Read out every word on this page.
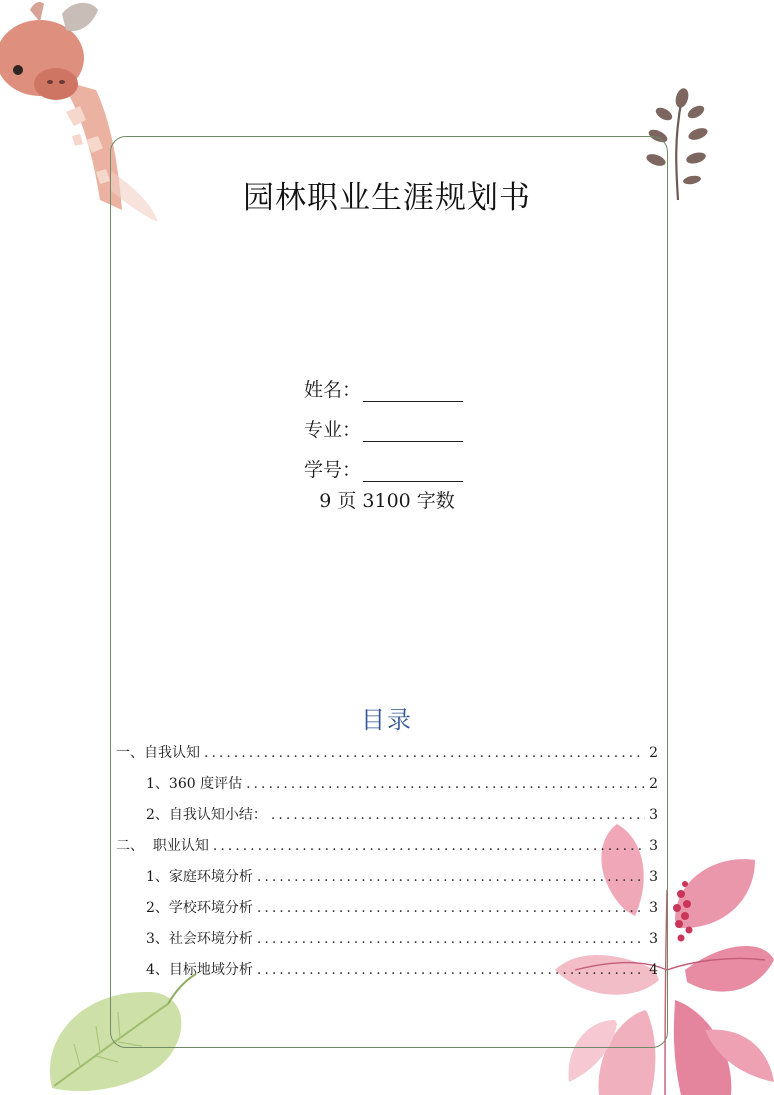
园林职业生涯规划书
姓名：
专业：
学号：
9 页 3100 字数
目录
一、自我认知 .....	2
1、360 度评估 .....	2
2、自我认知小结： .....	3
二、  职业认知 .....	3
1、家庭环境分析 .....	3
2、学校环境分析 .....	3
3、社会环境分析 .....	3
4、目标地域分析 .....	4
